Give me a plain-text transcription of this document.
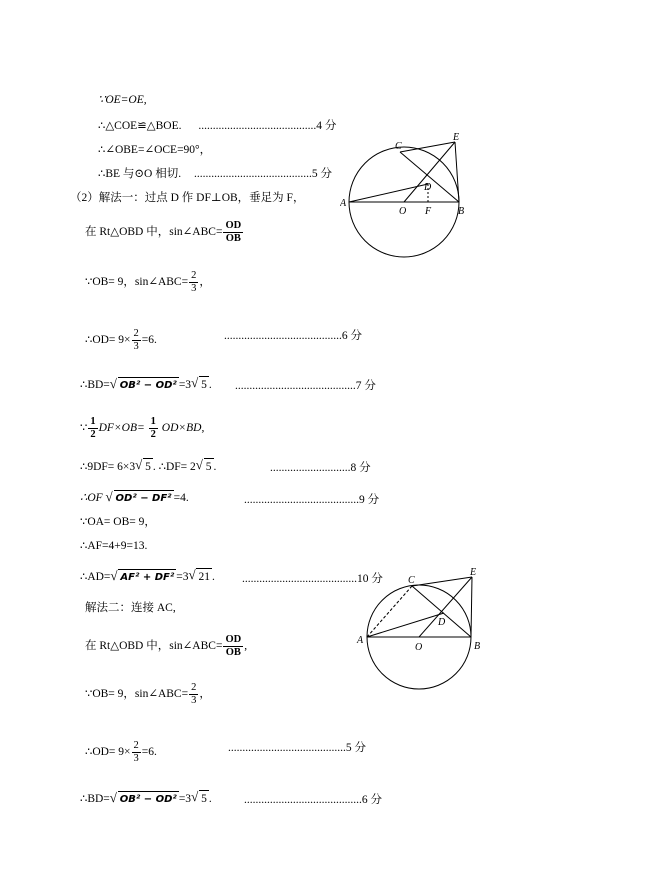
∵OE=OE,
∴△COE≌△BOE. .........................................4 分
∴∠OBE=∠OCE=90°，
∴BE 与⊙O 相切. .........................................5 分
（2）解法一：过点 D 作 DF⊥OB，垂足为 F，
在 Rt△OBD 中，sin∠ABC= $\frac{OD}{OB}$
∵OB= 9，sin∠ABC= $\frac{2}{3}$ ，
∴OD= $9\times \frac{2}{3} =6$.	.........................................6 分
∴BD= √ OB² − OD² =3 √ 5 . ..........................................7 分
∵ $\frac{1}{2} DF\times OB= \frac{1}{2} OD\times BD$,
∴9DF= 6×3 √ 5 . ∴DF= 2 √ 5 .	............................8 分
∴OF √ OD² − DF² =4.	........................................9 分
∵OA= OB= 9，
∴AF=4+9=13.
∴AD= √ AF² + DF² =3 √ 21 . ........................................10 分
解法二：连接 AC,
在 Rt△OBD 中，sin∠ABC= $\frac{OD}{OB}$ ,
∵OB= 9，sin∠ABC= $\frac{2}{3}$ ，
∴OD= $9\times \frac{2}{3} =6$.	.........................................5 分
∴BD= √ OB² − OD² =3 √ 5 .	.........................................6 分
C
E
D
A
O F	B
C
E
D
A
O	B
